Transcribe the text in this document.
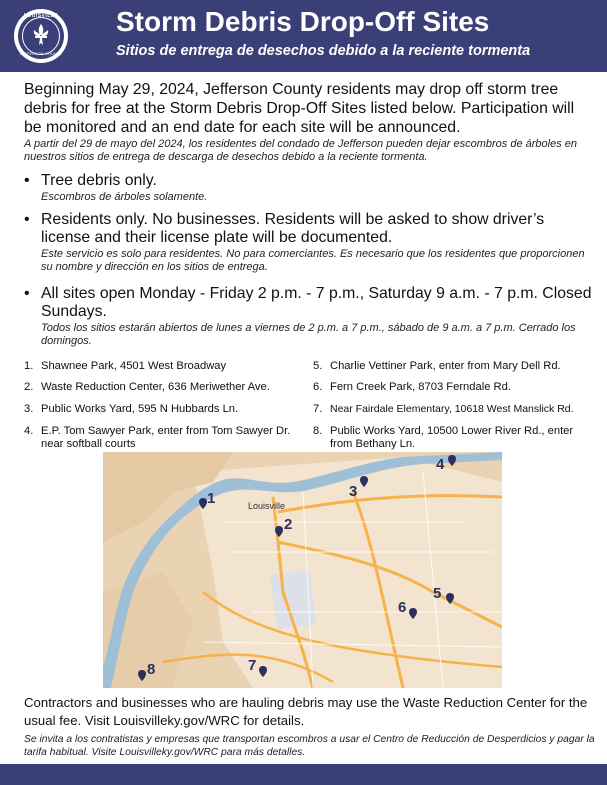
LOUISVILLE
JEFFERSON COUNTY
Storm Debris Drop-Off Sites
Sitios de entrega de desechos debido a la reciente tormenta
Beginning May 29, 2024, Jefferson County residents may drop off storm tree debris for free at the Storm Debris Drop-Off Sites listed below. Participation will be monitored and an end date for each site will be announced.
A partir del 29 de mayo del 2024, los residentes del condado de Jefferson pueden dejar escombros de árboles en nuestros sitios de entrega de descarga de desechos debido a la reciente tormenta.
• Tree debris only.
Escombros de árboles solamente.
• Residents only. No businesses. Residents will be asked to show driver’s license and their license plate will be documented.
Este servicio es solo para residentes. No para comerciantes. Es necesario que los residentes que proporcionen su nombre y dirección en los sitios de entrega.
• All sites open Monday - Friday 2 p.m. - 7 p.m., Saturday 9 a.m. - 7 p.m. Closed Sundays.
Todos los sitios estarán abiertos de lunes a viernes de 2 p.m. a 7 p.m., sábado de 9 a.m. a 7 p.m. Cerrado los domingos.
1. Shawnee Park, 4501 West Broadway
2. Waste Reduction Center, 636 Meriwether Ave.
3. Public Works Yard, 595 N Hubbards Ln.
4. E.P. Tom Sawyer Park, enter from Tom Sawyer Dr. near softball courts
5. Charlie Vettiner Park, enter from Mary Dell Rd.
6. Fern Creek Park, 8703 Ferndale Rd.
7. Near Fairdale Elementary, 10618 West Manslick Rd.
8. Public Works Yard, 10500 Lower River Rd., enter from Bethany Ln.
Louisville
1
2
3
4
5
6
7
8
Contractors and businesses who are hauling debris may use the Waste Reduction Center for the usual fee. Visit Louisvilleky.gov/WRC for details.
Se invita a los contratistas y empresas que transportan escombros a usar el Centro de Reducción de Desperdicios y pagar la tarifa habitual. Visite Louisvilleky.gov/WRC para más detalles.
